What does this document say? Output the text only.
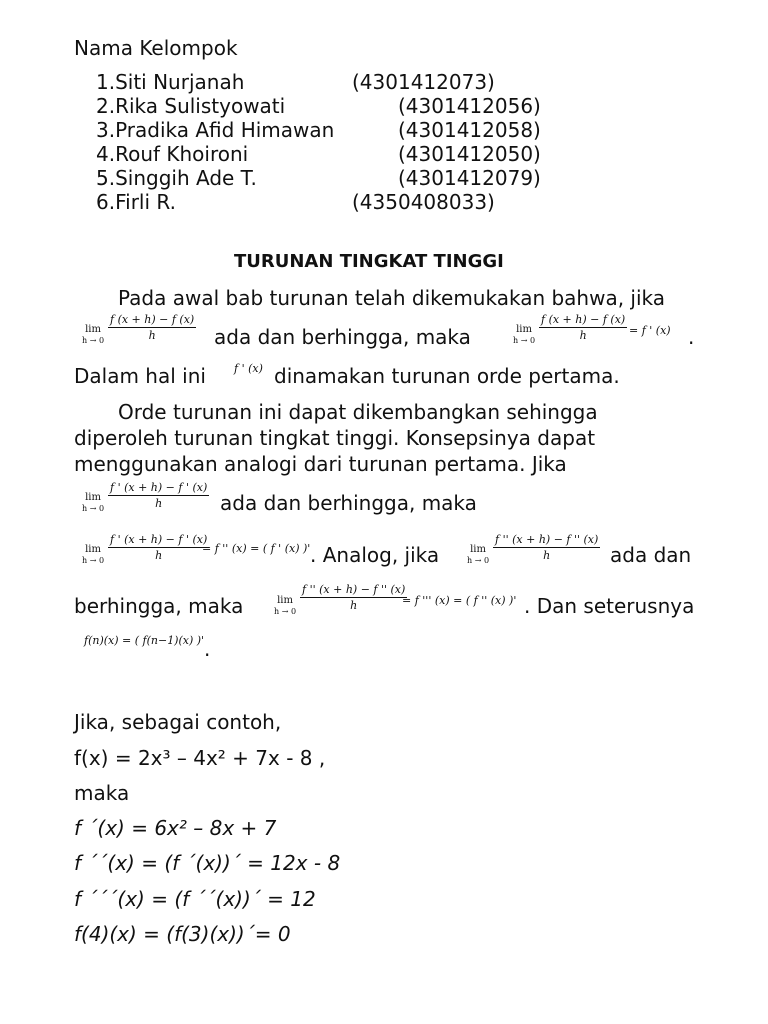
Nama Kelompok
1.Siti Nurjanah	(4301412073)
2.Rika Sulistyowati	(4301412056)
3.Pradika Afid Himawan	(4301412058)
4.Rouf Khoironi	(4301412050)
5.Singgih Ade T.	(4301412079)
6.Firli R.	(4350408033)
TURUNAN TINGKAT TINGGI
Pada awal bab turunan telah dikemukakan bahwa, jika
lim
$h \to 0 \frac{f (x + h) - f (x)}{h}$ ada dan berhingga, maka	lim
$h \to 0 \frac{f (x + h) - f (x)}{h} = f$ ' (x) .
Dalam hal ini	f ' (x) dinamakan turunan orde pertama.
Orde turunan ini dapat dikembangkan sehingga
diperoleh turunan tingkat tinggi. Konsepsinya dapat
menggunakan analogi dari turunan pertama. Jika
lim
$h \to 0 \frac{f ' (x + h) - f ' (x)}{h}$ ada dan berhingga, maka
lim
$h \to 0 \frac{f ' (x + h) - f ' (x)}{h}$
= f '' (x) = ( f ' (x) )' . Analog, jika	lim
$h \to 0 \frac{f '' (x + h) - f '' (x)}{h}$ ada dan
berhingga, maka	lim
$h \to 0 \frac{f '' (x + h) - f '' (x)}{h}$
= f ''' (x) = ( f '' (x) )' . Dan seterusnya
f(n)(x) = ( f(n−1)(x) )' .
Jika, sebagai contoh,
f(x) = 2x³ – 4x² + 7x - 8 ,
maka
f ´(x) = 6x² – 8x + 7
f ´´(x) = (f ´(x))´ = 12x - 8
f ´´´(x) = (f ´´(x))´ = 12
f(4)(x) = (f(3)(x))´= 0
